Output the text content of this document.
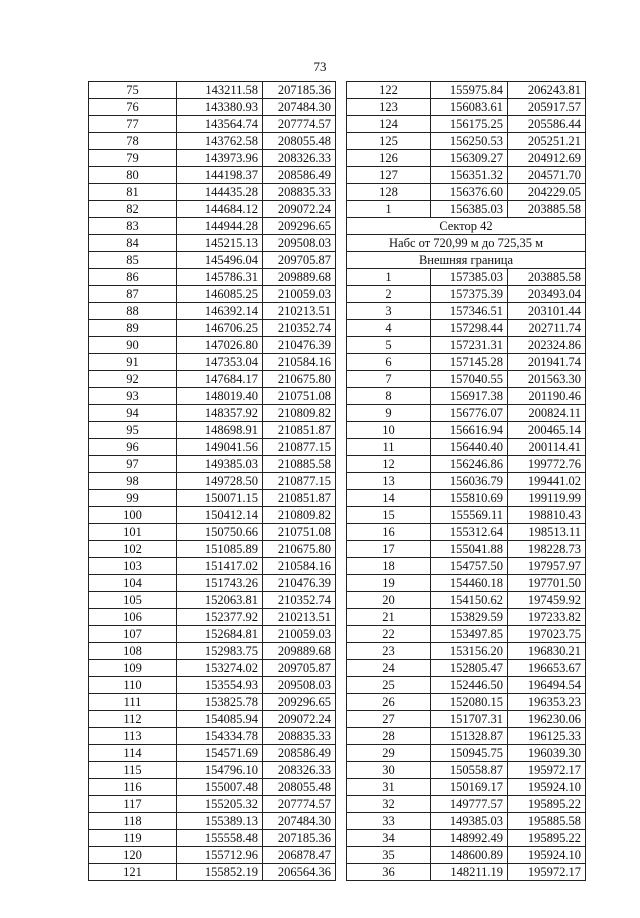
73
75	143211.58	207185.36
76	143380.93	207484.30
77	143564.74	207774.57
78	143762.58	208055.48
79	143973.96	208326.33
80	144198.37	208586.49
81	144435.28	208835.33
82	144684.12	209072.24
83	144944.28	209296.65
84	145215.13	209508.03
85	145496.04	209705.87
86	145786.31	209889.68
87	146085.25	210059.03
88	146392.14	210213.51
89	146706.25	210352.74
90	147026.80	210476.39
91	147353.04	210584.16
92	147684.17	210675.80
93	148019.40	210751.08
94	148357.92	210809.82
95	148698.91	210851.87
96	149041.56	210877.15
97	149385.03	210885.58
98	149728.50	210877.15
99	150071.15	210851.87
100	150412.14	210809.82
101	150750.66	210751.08
102	151085.89	210675.80
103	151417.02	210584.16
104	151743.26	210476.39
105	152063.81	210352.74
106	152377.92	210213.51
107	152684.81	210059.03
108	152983.75	209889.68
109	153274.02	209705.87
110	153554.93	209508.03
111	153825.78	209296.65
112	154085.94	209072.24
113	154334.78	208835.33
114	154571.69	208586.49
115	154796.10	208326.33
116	155007.48	208055.48
117	155205.32	207774.57
118	155389.13	207484.30
119	155558.48	207185.36
120	155712.96	206878.47
121	155852.19	206564.36
122	155975.84	206243.81
123	156083.61	205917.57
124	156175.25	205586.44
125	156250.53	205251.21
126	156309.27	204912.69
127	156351.32	204571.70
128	156376.60	204229.05
1	156385.03	203885.58
Сектор 42		
Набс от 720,99 м до 725,35 м		
Внешняя граница		
1	157385.03	203885.58
2	157375.39	203493.04
3	157346.51	203101.44
4	157298.44	202711.74
5	157231.31	202324.86
6	157145.28	201941.74
7	157040.55	201563.30
8	156917.38	201190.46
9	156776.07	200824.11
10	156616.94	200465.14
11	156440.40	200114.41
12	156246.86	199772.76
13	156036.79	199441.02
14	155810.69	199119.99
15	155569.11	198810.43
16	155312.64	198513.11
17	155041.88	198228.73
18	154757.50	197957.97
19	154460.18	197701.50
20	154150.62	197459.92
21	153829.59	197233.82
22	153497.85	197023.75
23	153156.20	196830.21
24	152805.47	196653.67
25	152446.50	196494.54
26	152080.15	196353.23
27	151707.31	196230.06
28	151328.87	196125.33
29	150945.75	196039.30
30	150558.87	195972.17
31	150169.17	195924.10
32	149777.57	195895.22
33	149385.03	195885.58
34	148992.49	195895.22
35	148600.89	195924.10
36	148211.19	195972.17
